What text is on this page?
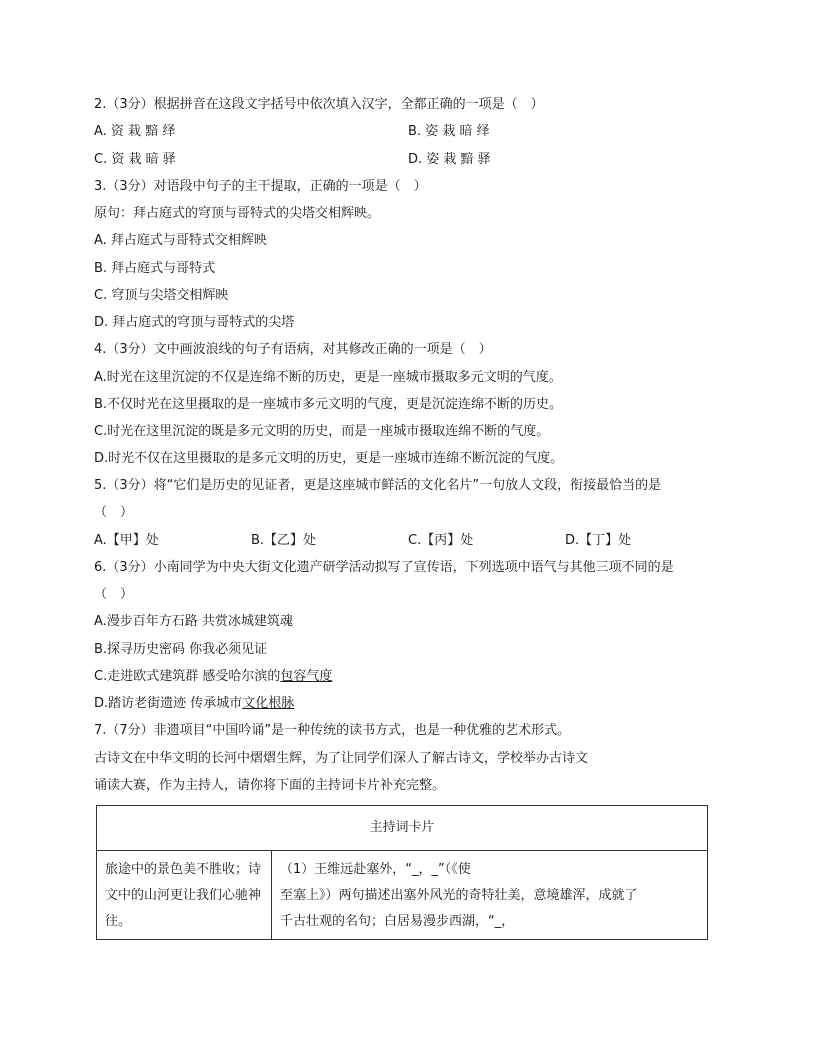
2.（3分）根据拼音在这段文字括号中依次填入汉字，全都正确的一项是（　）
A. 资 栽 黯 绎	B. 姿 栽 暗 绎
C. 资 栽 暗 驿	D. 姿 栽 黯 驿
3.（3分）对语段中句子的主干提取，正确的一项是（　）
原句：拜占庭式的穹顶与哥特式的尖塔交相辉映。
A. 拜占庭式与哥特式交相辉映
B. 拜占庭式与哥特式
C. 穹顶与尖塔交相辉映
D. 拜占庭式的穹顶与哥特式的尖塔
4.（3分）文中画波浪线的句子有语病，对其修改正确的一项是（　）
A.时光在这里沉淀的不仅是连绵不断的历史，更是一座城市摄取多元文明的气度。
B.不仅时光在这里摄取的是一座城市多元文明的气度，更是沉淀连绵不断的历史。
C.时光在这里沉淀的既是多元文明的历史，而是一座城市摄取连绵不断的气度。
D.时光不仅在这里摄取的是多元文明的历史，更是一座城市连绵不断沉淀的气度。
5.（3分）将“它们是历史的见证者，更是这座城市鲜活的文化名片”一句放人文段，衔接最恰当的是
（　）
A.【甲】处	B.【乙】处	C.【丙】处	D.【丁】处
6.（3分）小南同学为中央大街文化遗产研学活动拟写了宣传语，下列选项中语气与其他三项不同的是
（　）
A.漫步百年方石路 共赏冰城建筑魂
B.探寻历史密码 你我必须见证
C.走进欧式建筑群 感受哈尔滨的包容气度
D.踏访老街遗迹 传承城市文化根脉
7.（7分）非遗项目“中国吟诵”是一种传统的读书方式，也是一种优雅的艺术形式。
古诗文在中华文明的长河中熠熠生辉，为了让同学们深人了解古诗文，学校举办古诗文
诵读大赛，作为主持人，请你将下面的主持词卡片补充完整。
主持词卡片
旅途中的景色美不胜收；诗文中的山河更让我们心驰神往。	
（1）王维远赴塞外，“_，_”（《使
至塞上》）两句描述出塞外风光的奇特壮美，意境雄浑，成就了
千古壮观的名句；白居易漫步西湖，“_，
